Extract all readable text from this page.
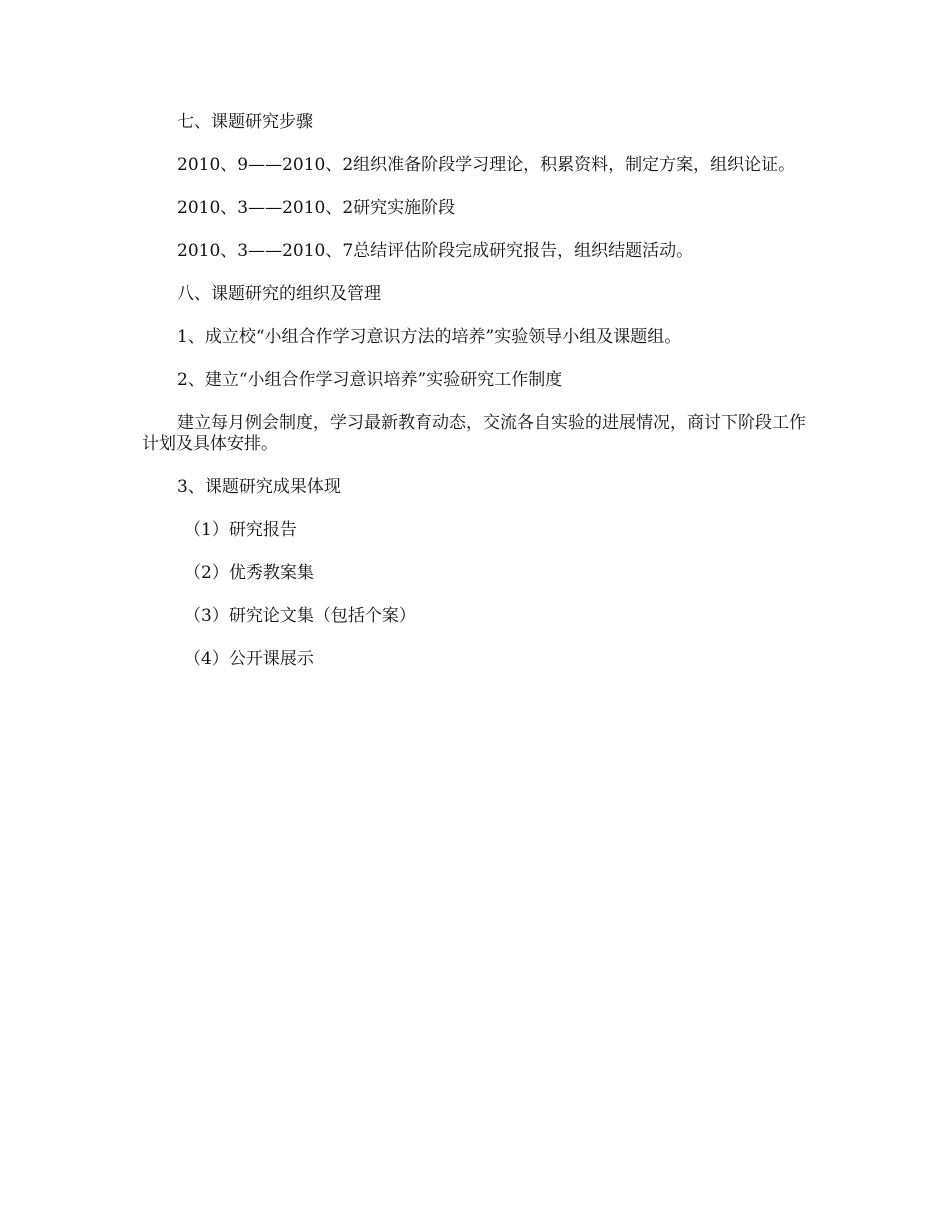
七、课题研究步骤

2010、9——2010、2组织准备阶段学习理论，积累资料，制定方案，组织论证。

2010、3——2010、2研究实施阶段

2010、3——2010、7总结评估阶段完成研究报告，组织结题活动。

八、课题研究的组织及管理

1、成立校“小组合作学习意识方法的培养”实验领导小组及课题组。

2、建立“小组合作学习意识培养”实验研究工作制度

建立每月例会制度，学习最新教育动态，交流各自实验的进展情况，商讨下阶段工作计划及具体安排。

3、课题研究成果体现

（1）研究报告

（2）优秀教案集

（3）研究论文集（包括个案）

（4）公开课展示
